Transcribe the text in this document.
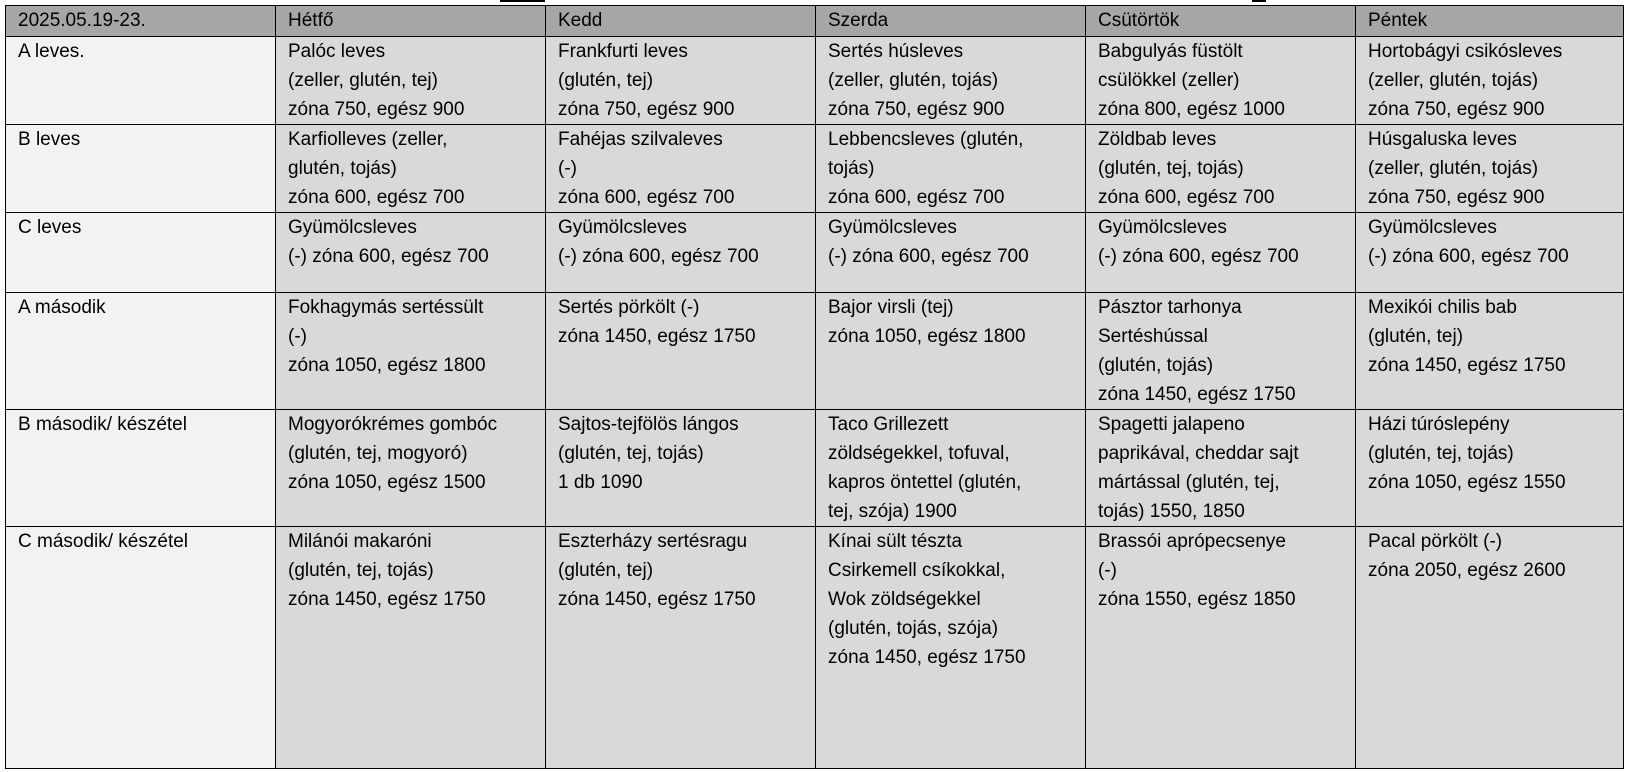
2025.05.19-23.	Hétfő	Kedd	Szerda	Csütörtök	Péntek
A leves.	Palóc leves
(zeller, glutén, tej)
zóna 750, egész 900	Frankfurti leves
(glutén, tej)
zóna 750, egész 900	Sertés húsleves
(zeller, glutén, tojás)
zóna 750, egész 900	Babgulyás füstölt
csülökkel (zeller)
zóna 800, egész 1000	Hortobágyi csikósleves
(zeller, glutén, tojás)
zóna 750, egész 900
B leves	Karfiolleves (zeller,
glutén, tojás)
zóna 600, egész 700	Fahéjas szilvaleves
(-)
zóna 600, egész 700	Lebbencsleves (glutén,
tojás)
zóna 600, egész 700	Zöldbab leves
(glutén, tej, tojás)
zóna 600, egész 700	Húsgaluska leves
(zeller, glutén, tojás)
zóna 750, egész 900
C leves	Gyümölcsleves
(-) zóna 600, egész 700	Gyümölcsleves
(-) zóna 600, egész 700	Gyümölcsleves
(-) zóna 600, egész 700	Gyümölcsleves
(-) zóna 600, egész 700	Gyümölcsleves
(-) zóna 600, egész 700
A második	Fokhagymás sertéssült
(-)
zóna 1050, egész 1800	Sertés pörkölt (-)
zóna 1450, egész 1750	Bajor virsli (tej)
zóna 1050, egész 1800	Pásztor tarhonya
Sertéshússal
(glutén, tojás)
zóna 1450, egész 1750	Mexikói chilis bab
(glutén, tej)
zóna 1450, egész 1750
B második/ készétel	Mogyorókrémes gombóc
(glutén, tej, mogyoró)
zóna 1050, egész 1500	Sajtos-tejfölös lángos
(glutén, tej, tojás)
1 db 1090	Taco Grillezett
zöldségekkel, tofuval,
kapros öntettel (glutén,
tej, szója) 1900	Spagetti jalapeno
paprikával, cheddar sajt
mártással (glutén, tej,
tojás) 1550, 1850	Házi túróslepény
(glutén, tej, tojás)
zóna 1050, egész 1550
C második/ készétel	Milánói makaróni
(glutén, tej, tojás)
zóna 1450, egész 1750	Eszterházy sertésragu
(glutén, tej)
zóna 1450, egész 1750	Kínai sült tészta
Csirkemell csíkokkal,
Wok zöldségekkel
(glutén, tojás, szója)
zóna 1450, egész 1750	Brassói aprópecsenye
(-)
zóna 1550, egész 1850	Pacal pörkölt (-)
zóna 2050, egész 2600
